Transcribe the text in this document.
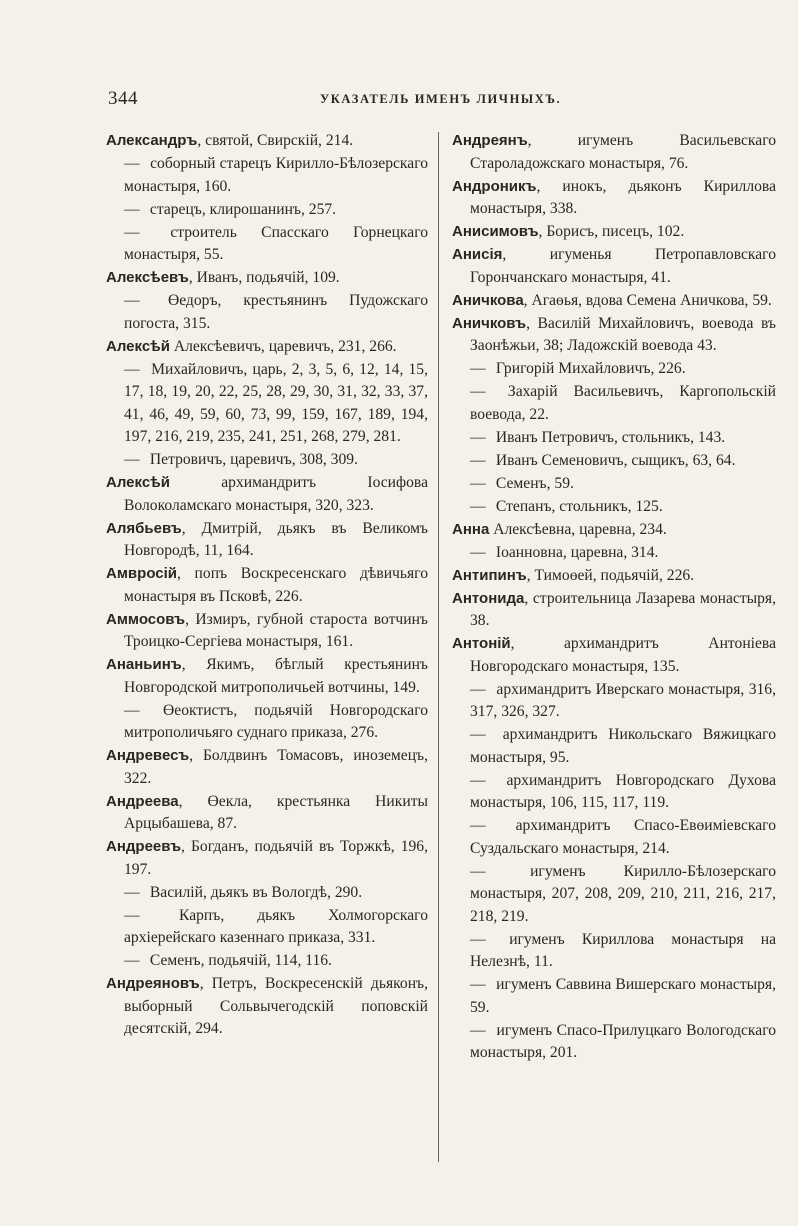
344	УКАЗАТЕЛЬ ИМЕНЪ ЛИЧНЫХЪ.

Александръ, святой, Свирскій, 214.

— соборный старецъ Кирилло-Бѣлозерскаго монастыря, 160.

— старецъ, клирошанинъ, 257.

— строитель Спасскаго Горнецкаго монастыря, 55.

Алексѣевъ, Иванъ, подьячій, 109.

— Өедоръ, крестьянинъ Пудожскаго погоста, 315.

Алексѣй Алексѣевичъ, царевичъ, 231, 266.

— Михайловичъ, царь, 2, 3, 5, 6, 12, 14, 15, 17, 18, 19, 20, 22, 25, 28, 29, 30, 31, 32, 33, 37, 41, 46, 49, 59, 60, 73, 99, 159, 167, 189, 194, 197, 216, 219, 235, 241, 251, 268, 279, 281.

— Петровичъ, царевичъ, 308, 309.

Алексѣй архимандритъ Іосифова Волоколамскаго монастыря, 320, 323.

Алябьевъ, Дмитрій, дьякъ въ Великомъ Новгородѣ, 11, 164.

Амвросій, попъ Воскресенскаго дѣвичьяго монастыря въ Псковѣ, 226.

Аммосовъ, Измиръ, губной староста вотчинъ Троицко-Сергіева монастыря, 161.

Ананьинъ, Якимъ, бѣглый крестьянинъ Новгородской митрополичьей вотчины, 149.

— Өеоктистъ, подьячій Новгородскаго митрополичьяго суднаго приказа, 276.

Андревесъ, Болдвинъ Томасовъ, иноземецъ, 322.

Андреева, Өекла, крестьянка Никиты Арцыбашева, 87.

Андреевъ, Богданъ, подьячій въ Торжкѣ, 196, 197.

— Василій, дьякъ въ Вологдѣ, 290.

— Карпъ, дьякъ Холмогорскаго архіерейскаго казеннаго приказа, 331.

— Семенъ, подьячій, 114, 116.

Андреяновъ, Петръ, Воскресенскій дьяконъ, выборный Сольвычегодскій поповскій десятскій, 294.

Андреянъ, игуменъ Васильевскаго Староладожскаго монастыря, 76.

Андроникъ, инокъ, дьяконъ Кириллова монастыря, 338.

Анисимовъ, Борисъ, писецъ, 102.

Анисія, игуменья Петропавловскаго Горончанскаго монастыря, 41.

Аничкова, Агаөья, вдова Семена Аничкова, 59.

Аничковъ, Василій Михайловичъ, воевода въ Заонѣжьи, 38; Ладожскій воевода 43.

— Григорій Михайловичъ, 226.

— Захарій Васильевичъ, Каргопольскій воевода, 22.

— Иванъ Петровичъ, стольникъ, 143.

— Иванъ Семеновичъ, сыщикъ, 63, 64.

— Семенъ, 59.

— Степанъ, стольникъ, 125.

Анна Алексѣевна, царевна, 234.

— Іоанновна, царевна, 314.

Антипинъ, Тимоөей, подьячій, 226.

Антонида, строительница Лазарева монастыря, 38.

Антоній, архимандритъ Антоніева Новгородскаго монастыря, 135.

— архимандритъ Иверскаго монастыря, 316, 317, 326, 327.

— архимандритъ Никольскаго Вяжицкаго монастыря, 95.

— архимандритъ Новгородскаго Духова монастыря, 106, 115, 117, 119.

— архимандритъ Спасо-Евөиміевскаго Суздальскаго монастыря, 214.

— игуменъ Кирилло-Бѣлозерскаго монастыря, 207, 208, 209, 210, 211, 216, 217, 218, 219.

— игуменъ Кириллова монастыря на Нелезнѣ, 11.

— игуменъ Саввина Вишерскаго монастыря, 59.

— игуменъ Спасо-Прилуцкаго Вологодскаго монастыря, 201.
